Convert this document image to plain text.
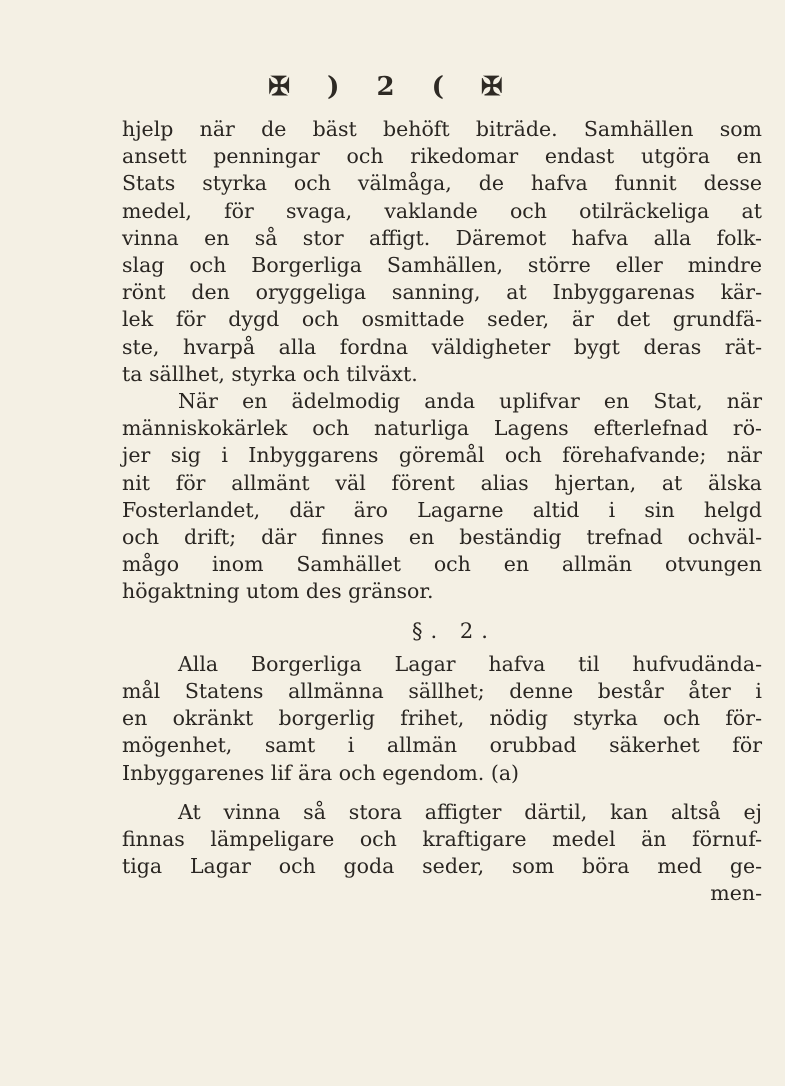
✠ ) 2 ( ✠
hjelp när de bäst behöft biträde. Samhällen som
ansett penningar och rikedomar endast utgöra en
Stats styrka och välmåga, de hafva funnit desse
medel, för svaga, vaklande och otilräckeliga at
vinna en så stor affigt. Däremot hafva alla folk-
slag och Borgerliga Samhällen, större eller mindre
rönt den oryggeliga sanning, at Inbyggarenas kär-
lek för dygd och osmittade seder, är det grundfä-
ste, hvarpå alla fordna väldigheter bygt deras rät-
ta sällhet, styrka och tilväxt.
När en ädelmodig anda uplifvar en Stat, när
människokärlek och naturliga Lagens efterlefnad rö-
jer sig i Inbyggarens göremål och förehafvande; när
nit för allmänt väl förent alias hjertan, at älska
Fosterlandet, där äro Lagarne altid i sin helgd
och drift; där finnes en beständig trefnad ochväl-
mågo inom Samhället och en allmän otvungen
högaktning utom des gränsor.
§. 2.
Alla Borgerliga Lagar hafva til hufvudända-
mål Statens allmänna sällhet; denne består åter i
en okränkt borgerlig frihet, nödig styrka och för-
mögenhet, samt i allmän orubbad säkerhet för
Inbyggarenes lif ära och egendom. (a)
At vinna så stora affigter därtil, kan altså ej
finnas lämpeligare och kraftigare medel än förnuf-
tiga Lagar och goda seder, som böra med ge-
men-
